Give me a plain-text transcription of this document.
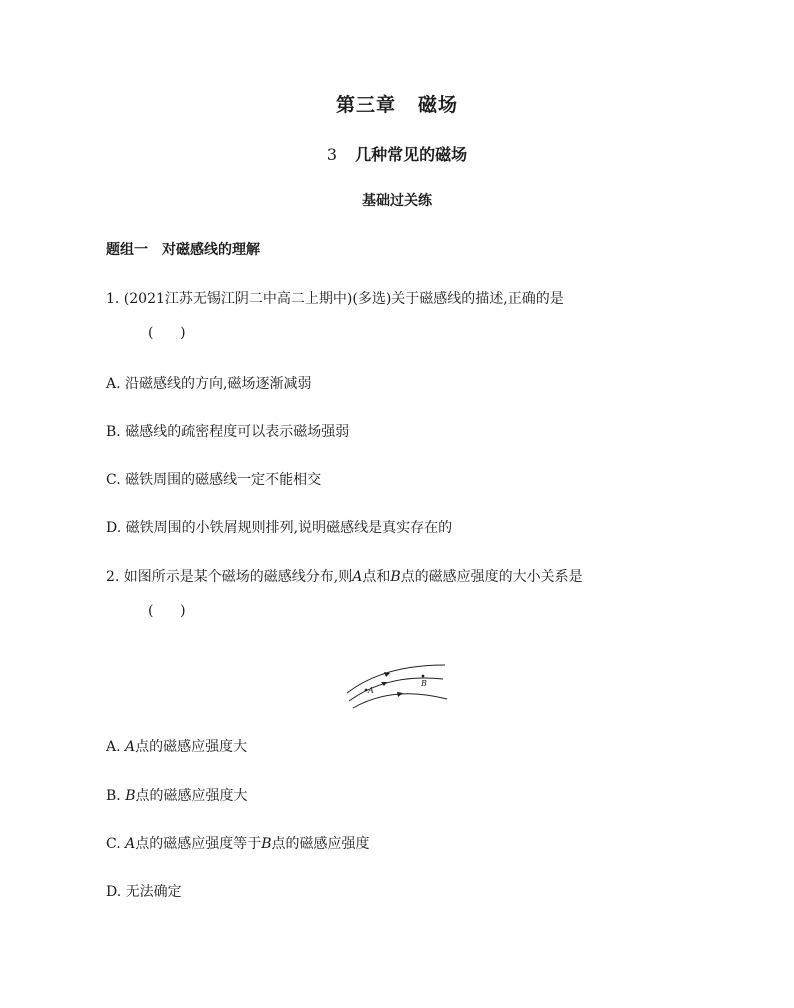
第三章 磁场
3 几种常见的磁场
基础过关练
题组一 对磁感线的理解
1. (2021江苏无锡江阴二中高二上期中)(多选)关于磁感线的描述,正确的是
(      )
A. 沿磁感线的方向,磁场逐渐减弱
B. 磁感线的疏密程度可以表示磁场强弱
C. 磁铁周围的磁感线一定不能相交
D. 磁铁周围的小铁屑规则排列,说明磁感线是真实存在的
2. 如图所示是某个磁场的磁感线分布,则A点和B点的磁感应强度的大小关系是
(      )
A
B
A. A点的磁感应强度大
B. B点的磁感应强度大
C. A点的磁感应强度等于B点的磁感应强度
D. 无法确定
